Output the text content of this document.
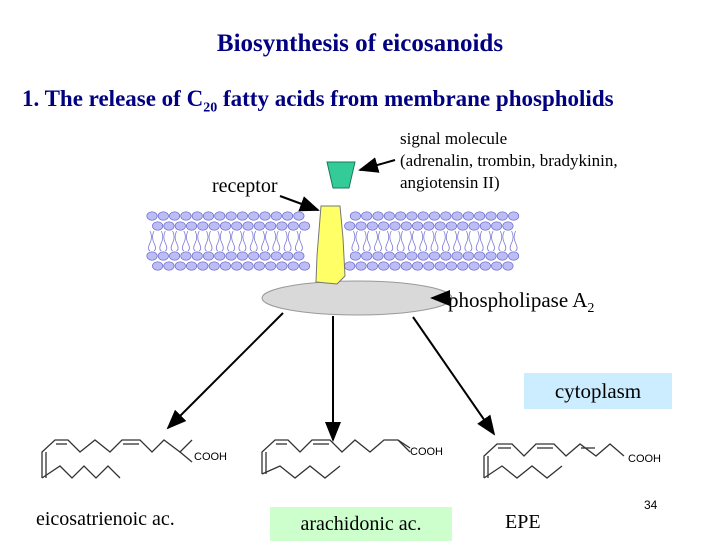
Biosynthesis of eicosanoids
1. The release of $C_{20}$ fatty acids from membrane phospholids
COOH	COOH
COOH
receptor
signal molecule
(adrenalin, trombin, bradykinin,
angiotensin II)
phospholipase $A_2$
cytoplasm
eicosatrienoic ac.	arachidonic ac.	EPE
34
